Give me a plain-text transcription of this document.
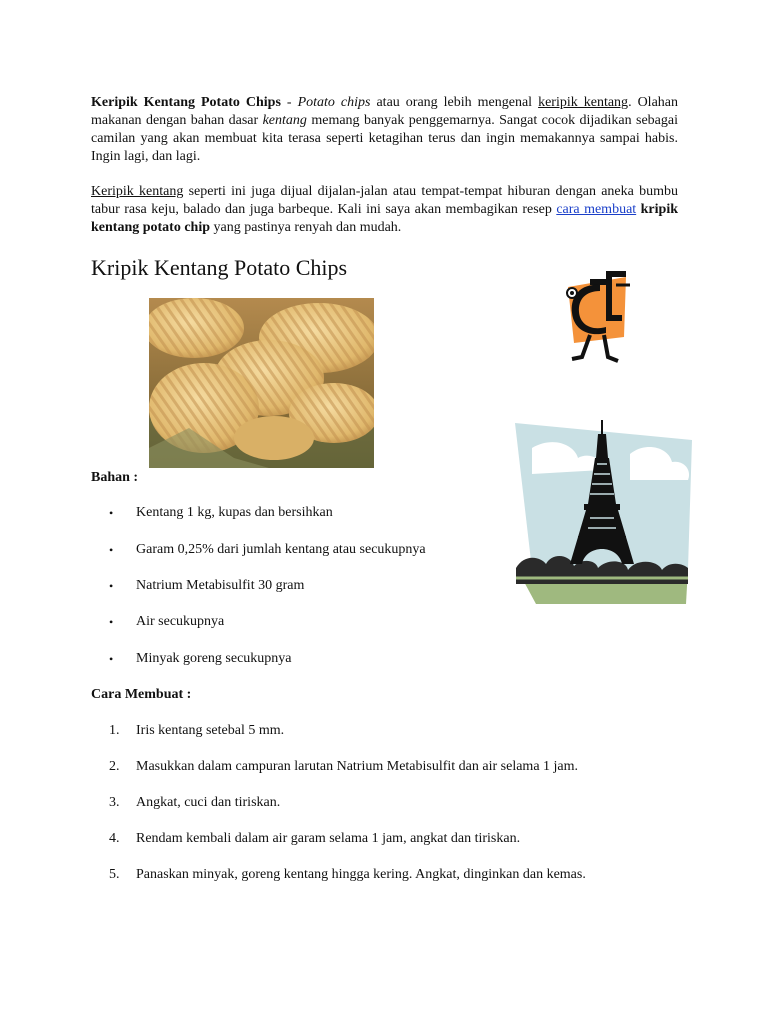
Keripik Kentang Potato Chips - Potato chips atau orang lebih mengenal keripik kentang. Olahan makanan dengan bahan dasar kentang memang banyak penggemarnya. Sangat cocok dijadikan sebagai camilan yang akan membuat kita terasa seperti ketagihan terus dan ingin memakannya sampai habis. Ingin lagi, dan lagi.

Keripik kentang seperti ini juga dijual dijalan-jalan atau tempat-tempat hiburan dengan aneka bumbu tabur rasa keju, balado dan juga barbeque. Kali ini saya akan membagikan resep cara membuat kripik kentang potato chip yang pastinya renyah dan mudah.

Kripik Kentang Potato Chips

Bahan :

•	Kentang 1 kg, kupas dan bersihkan
•	Garam 0,25% dari jumlah kentang atau secukupnya
•	Natrium Metabisulfit 30 gram
•	Air secukupnya
•	Minyak goreng secukupnya

Cara Membuat :

1.	Iris kentang setebal 5 mm.
2.	Masukkan dalam campuran larutan Natrium Metabisulfit dan air selama 1 jam.
3.	Angkat, cuci dan tiriskan.
4.	Rendam kembali dalam air garam selama 1 jam, angkat dan tiriskan.
5.	Panaskan minyak, goreng kentang hingga kering. Angkat, dinginkan dan kemas.
